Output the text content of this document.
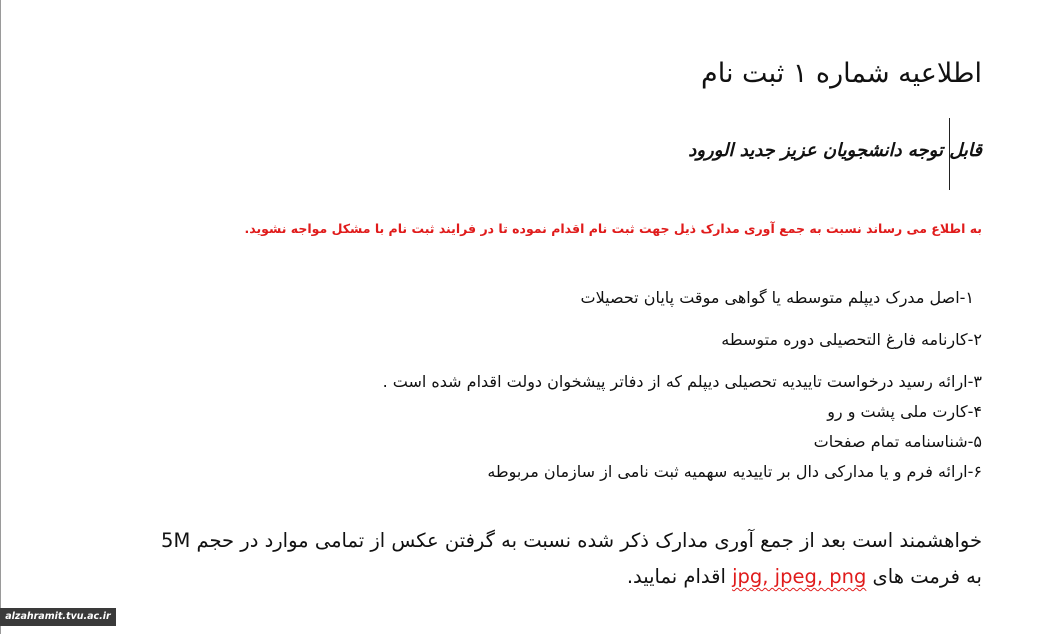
اطلاعیه شماره ۱ ثبت نام
قابل توجه دانشجویان عزیز جدید الورود

به اطلاع می رساند نسبت به جمع آوری مدارک ذیل جهت ثبت نام اقدام نموده تا در فرایند ثبت نام با مشکل مواجه نشوید.

۱-اصل مدرک دیپلم متوسطه یا گواهی موقت پایان تحصیلات
۲-کارنامه فارغ التحصیلی دوره متوسطه
۳-ارائه رسید درخواست تاییدیه تحصیلی دیپلم که از دفاتر پیشخوان دولت اقدام شده است .
۴-کارت ملی پشت و رو
۵-شناسنامه تمام صفحات
۶-ارائه فرم و یا مدارکی دال بر تاییدیه سهمیه ثبت نامی از سازمان مربوطه

خواهشمند است بعد از جمع آوری مدارک ذکر شده نسبت به گرفتن عکس از تمامی موارد در حجم 5M
به فرمت های jpg, jpeg, png اقدام نمایید.

alzahramit.tvu.ac.ir
